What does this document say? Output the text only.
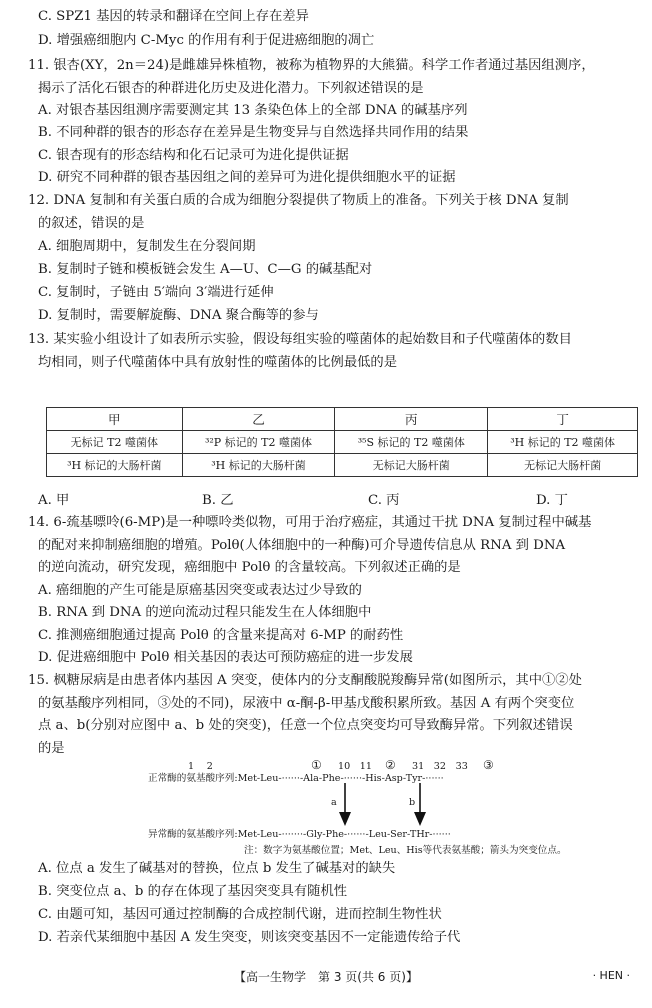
C. SPZ1 基因的转录和翻译在空间上存在差异
D. 增强癌细胞内 C-Myc 的作用有利于促进癌细胞的凋亡
11. 银杏(XY，2n＝24)是雌雄异株植物，被称为植物界的大熊猫。科学工作者通过基因组测序，
揭示了活化石银杏的种群进化历史及进化潜力。下列叙述错误的是
A. 对银杏基因组测序需要测定其 13 条染色体上的全部 DNA 的碱基序列
B. 不同种群的银杏的形态存在差异是生物变异与自然选择共同作用的结果
C. 银杏现有的形态结构和化石记录可为进化提供证据
D. 研究不同种群的银杏基因组之间的差异可为进化提供细胞水平的证据
12. DNA 复制和有关蛋白质的合成为细胞分裂提供了物质上的准备。下列关于核 DNA 复制
的叙述，错误的是
A. 细胞周期中，复制发生在分裂间期
B. 复制时子链和模板链会发生 A—U、C—G 的碱基配对
C. 复制时，子链由 5′端向 3′端进行延伸
D. 复制时，需要解旋酶、DNA 聚合酶等的参与
13. 某实验小组设计了如表所示实验，假设每组实验的噬菌体的起始数目和子代噬菌体的数目
均相同，则子代噬菌体中具有放射性的噬菌体的比例最低的是
甲	乙	丙	丁
无标记 T2 噬菌体	³²P 标记的 T2 噬菌体	³⁵S 标记的 T2 噬菌体	³H 标记的 T2 噬菌体
³H 标记的大肠杆菌	³H 标记的大肠杆菌	无标记大肠杆菌	无标记大肠杆菌
A. 甲	B. 乙	C. 丙	D. 丁
14. 6-巯基嘌呤(6-MP)是一种嘌呤类似物，可用于治疗癌症，其通过干扰 DNA 复制过程中碱基
的配对来抑制癌细胞的增殖。Polθ(人体细胞中的一种酶)可介导遗传信息从 RNA 到 DNA
的逆向流动，研究发现，癌细胞中 Polθ 的含量较高。下列叙述正确的是
A. 癌细胞的产生可能是原癌基因突变或表达过少导致的
B. RNA 到 DNA 的逆向流动过程只能发生在人体细胞中
C. 推测癌细胞通过提高 Polθ 的含量来提高对 6-MP 的耐药性
D. 促进癌细胞中 Polθ 相关基因的表达可预防癌症的进一步发展
15. 枫糖尿病是由患者体内基因 A 突变，使体内的分支酮酸脱羧酶异常(如图所示，其中①②处
的氨基酸序列相同，③处的不同)，尿液中 α-酮-β-甲基戊酸积累所致。基因 A 有两个突变位
点 a、b(分别对应图中 a、b 处的突变)，任意一个位点突变均可导致酶异常。下列叙述错误
的是
1　 2	10　11	31　32　33
①	②	③
正常酶的氨基酸序列:Met-Leu-······-Ala-Phe-······-His-Asp-Tyr-······
a	b
异常酶的氨基酸序列:Met-Leu-·······-Gly-Phe-······-Leu-Ser-THr-······
注：数字为氨基酸位置；Met、Leu、His等代表氨基酸；箭头为突变位点。
A. 位点 a 发生了碱基对的替换，位点 b 发生了碱基对的缺失
B. 突变位点 a、b 的存在体现了基因突变具有随机性
C. 由题可知，基因可通过控制酶的合成控制代谢，进而控制生物性状
D. 若亲代某细胞中基因 A 发生突变，则该突变基因不一定能遗传给子代
【高一生物学　第 3 页(共 6 页)】	· HEN ·
